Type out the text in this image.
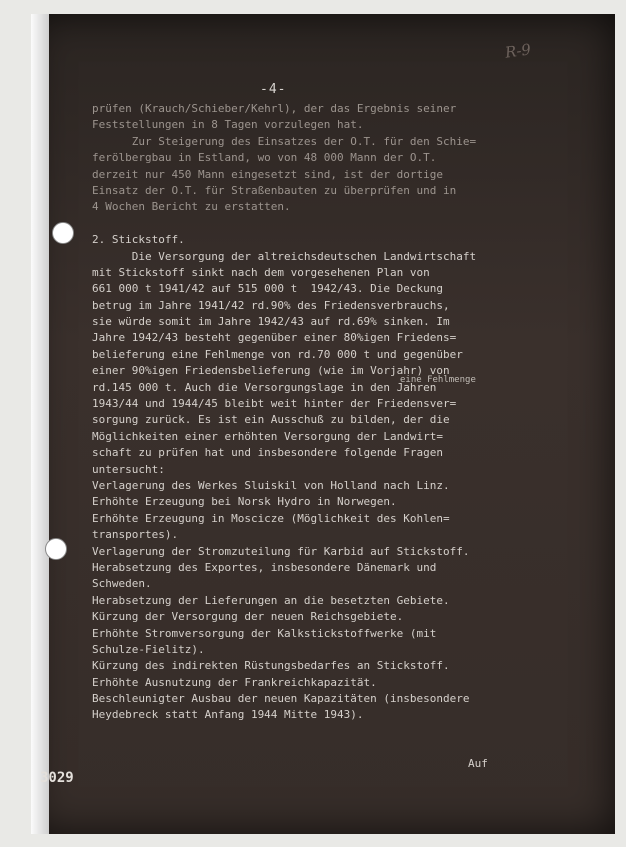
R-9
-4-
prüfen (Krauch/Schieber/Kehrl), der das Ergebnis seiner
Feststellungen in 8 Tagen vorzulegen hat.
Zur Steigerung des Einsatzes der O.T. für den Schie=
ferölbergbau in Estland, wo von 48 000 Mann der O.T.
derzeit nur 450 Mann eingesetzt sind, ist der dortige
Einsatz der O.T. für Straßenbauten zu überprüfen und in
4 Wochen Bericht zu erstatten.
2. Stickstoff.
Die Versorgung der altreichsdeutschen Landwirtschaft
mit Stickstoff sinkt nach dem vorgesehenen Plan von
661 000 t 1941/42 auf 515 000 t  1942/43. Die Deckung
betrug im Jahre 1941/42 rd.90% des Friedensverbrauchs,
sie würde somit im Jahre 1942/43 auf rd.69% sinken. Im
Jahre 1942/43 besteht gegenüber einer 80%igen Friedens=
belieferung eine Fehlmenge von rd.70 000 t und gegenüber
einer 90%igen Friedensbelieferung (wie im Vorjahr) von
rd.145 000 t. Auch die Versorgungslage in den Jahren
1943/44 und 1944/45 bleibt weit hinter der Friedensver=
sorgung zurück. Es ist ein Ausschuß zu bilden, der die
Möglichkeiten einer erhöhten Versorgung der Landwirt=
schaft zu prüfen hat und insbesondere folgende Fragen
untersucht:
Verlagerung des Werkes Sluiskil von Holland nach Linz.
Erhöhte Erzeugung bei Norsk Hydro in Norwegen.
Erhöhte Erzeugung in Moscicze (Möglichkeit des Kohlen=
transportes).
Verlagerung der Stromzuteilung für Karbid auf Stickstoff.
Herabsetzung des Exportes, insbesondere Dänemark und
Schweden.
Herabsetzung der Lieferungen an die besetzten Gebiete.
Kürzung der Versorgung der neuen Reichsgebiete.
Erhöhte Stromversorgung der Kalkstickstoffwerke (mit
Schulze-Fielitz).
Kürzung des indirekten Rüstungsbedarfes an Stickstoff.
Erhöhte Ausnutzung der Frankreichkapazität.
Beschleunigter Ausbau der neuen Kapazitäten (insbesondere
Heydebreck statt Anfang 1944 Mitte 1943).
eine Fehlmenge
Auf
3029
